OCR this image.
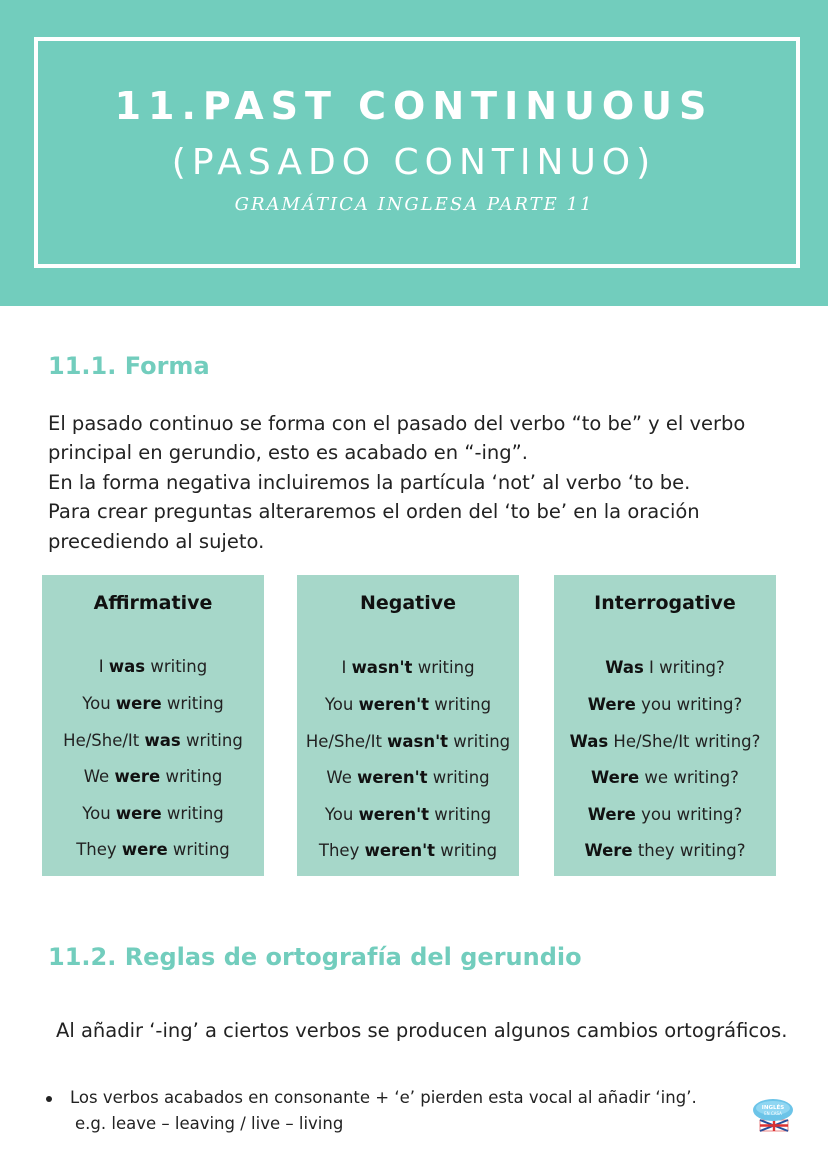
11.PAST CONTINUOUS
(PASADO CONTINUO)
GRAMÁTICA INGLESA PARTE 11
11.1. Forma
El pasado continuo se forma con el pasado del verbo “to be” y el verbo
principal en gerundio, esto es acabado en “-ing”.
En la forma negativa incluiremos la partícula ‘not’ al verbo ‘to be.
Para crear preguntas alteraremos el orden del ‘to be’ en la oración
precediendo al sujeto.
Affirmative
I was writing
You were writing
He/She/It was writing
We were writing
You were writing
They were writing
Negative
I wasn't writing
You weren't writing
He/She/It wasn't writing
We weren't writing
You weren't writing
They weren't writing
Interrogative
Was I writing?
Were you writing?
Was He/She/It writing?
Were we writing?
Were you writing?
Were they writing?
11.2. Reglas de ortografía del gerundio
Al añadir ‘-ing’ a ciertos verbos se producen algunos cambios ortográficos.
Los verbos acabados en consonante + ‘e’ pierden esta vocal al añadir ‘ing’.
e.g. leave – leaving / live – living
INGLÉS
EN CASA
